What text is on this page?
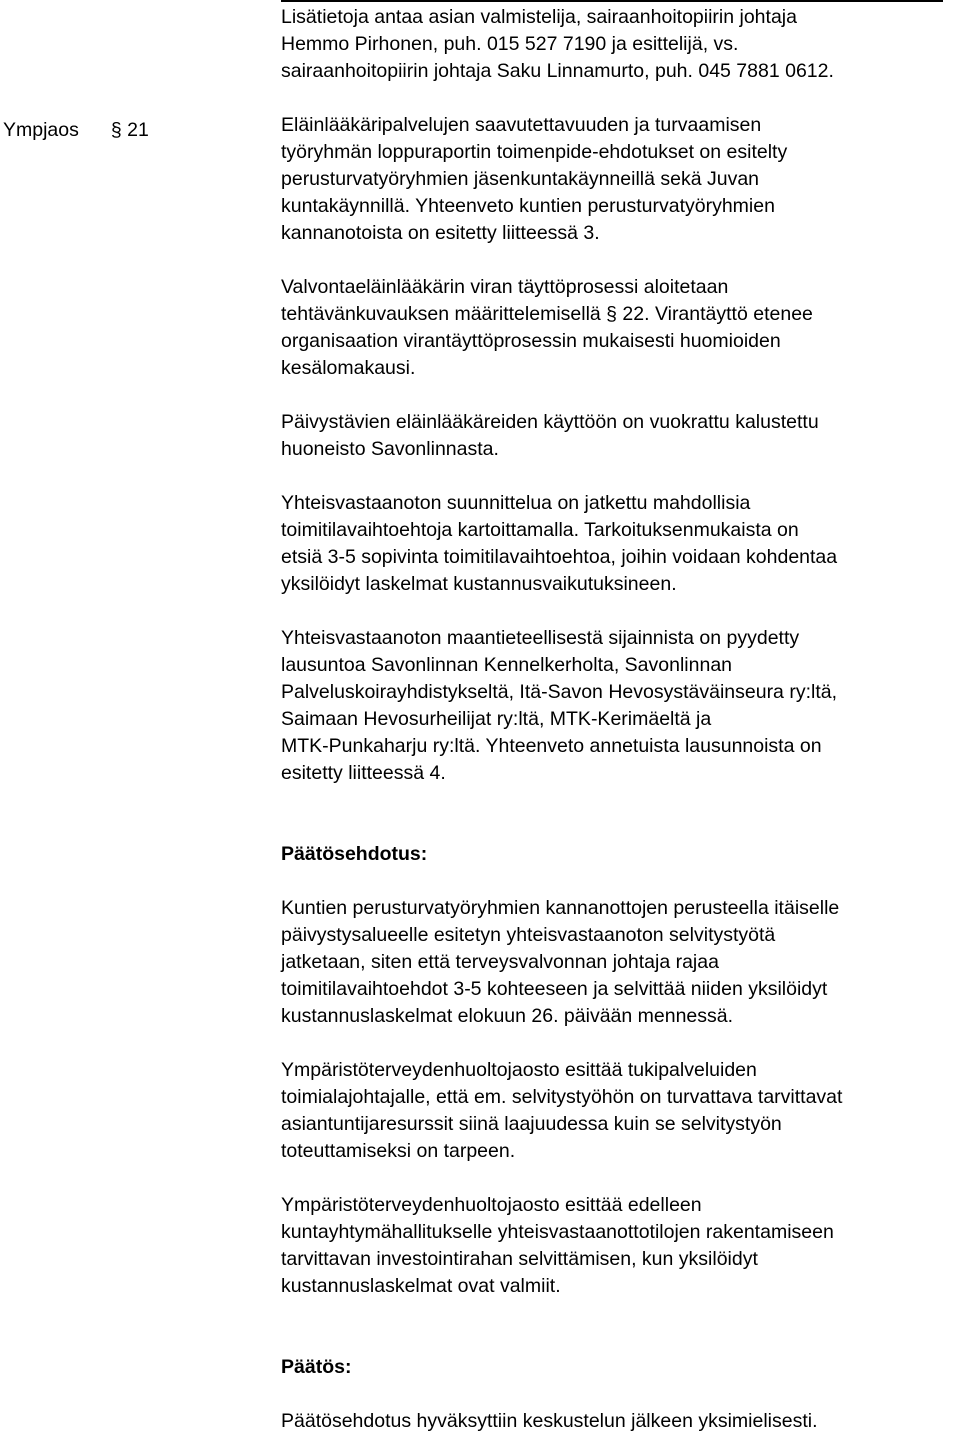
Ympjaos § 21

Lisätietoja antaa asian valmistelija, sairaanhoitopiirin johtaja
Hemmo Pirhonen, puh. 015 527 7190 ja esittelijä, vs.
sairaanhoitopiirin johtaja Saku Linnamurto, puh. 045 7881 0612.

Eläinlääkäripalvelujen saavutettavuuden ja turvaamisen
työryhmän loppuraportin toimenpide-ehdotukset on esitelty
perusturvatyöryhmien jäsenkuntakäynneillä sekä Juvan
kuntakäynnillä. Yhteenveto kuntien perusturvatyöryhmien
kannanotoista on esitetty liitteessä 3.

Valvontaeläinlääkärin viran täyttöprosessi aloitetaan
tehtävänkuvauksen määrittelemisellä § 22. Virantäyttö etenee
organisaation virantäyttöprosessin mukaisesti huomioiden
kesälomakausi.

Päivystävien eläinlääkäreiden käyttöön on vuokrattu kalustettu
huoneisto Savonlinnasta.

Yhteisvastaanoton suunnittelua on jatkettu mahdollisia
toimitilavaihtoehtoja kartoittamalla. Tarkoituksenmukaista on
etsiä 3-5 sopivinta toimitilavaihtoehtoa, joihin voidaan kohdentaa
yksilöidyt laskelmat kustannusvaikutuksineen.

Yhteisvastaanoton maantieteellisestä sijainnista on pyydetty
lausuntoa Savonlinnan Kennelkerholta, Savonlinnan
Palveluskoirayhdistykseltä, Itä-Savon Hevosystäväinseura ry:ltä,
Saimaan Hevosurheilijat ry:ltä, MTK-Kerimäeltä ja
MTK-Punkaharju ry:ltä. Yhteenveto annetuista lausunnoista on
esitetty liitteessä 4.

Päätösehdotus:

Kuntien perusturvatyöryhmien kannanottojen perusteella itäiselle
päivystysalueelle esitetyn yhteisvastaanoton selvitystyötä
jatketaan, siten että terveysvalvonnan johtaja rajaa
toimitilavaihtoehdot 3-5 kohteeseen ja selvittää niiden yksilöidyt
kustannuslaskelmat elokuun 26. päivään mennessä.

Ympäristöterveydenhuoltojaosto esittää tukipalveluiden
toimialajohtajalle, että em. selvitystyöhön on turvattava tarvittavat
asiantuntijaresurssit siinä laajuudessa kuin se selvitystyön
toteuttamiseksi on tarpeen.

Ympäristöterveydenhuoltojaosto esittää edelleen
kuntayhtymähallitukselle yhteisvastaanottotilojen rakentamiseen
tarvittavan investointirahan selvittämisen, kun yksilöidyt
kustannuslaskelmat ovat valmiit.

Päätös:

Päätösehdotus hyväksyttiin keskustelun jälkeen yksimielisesti.
